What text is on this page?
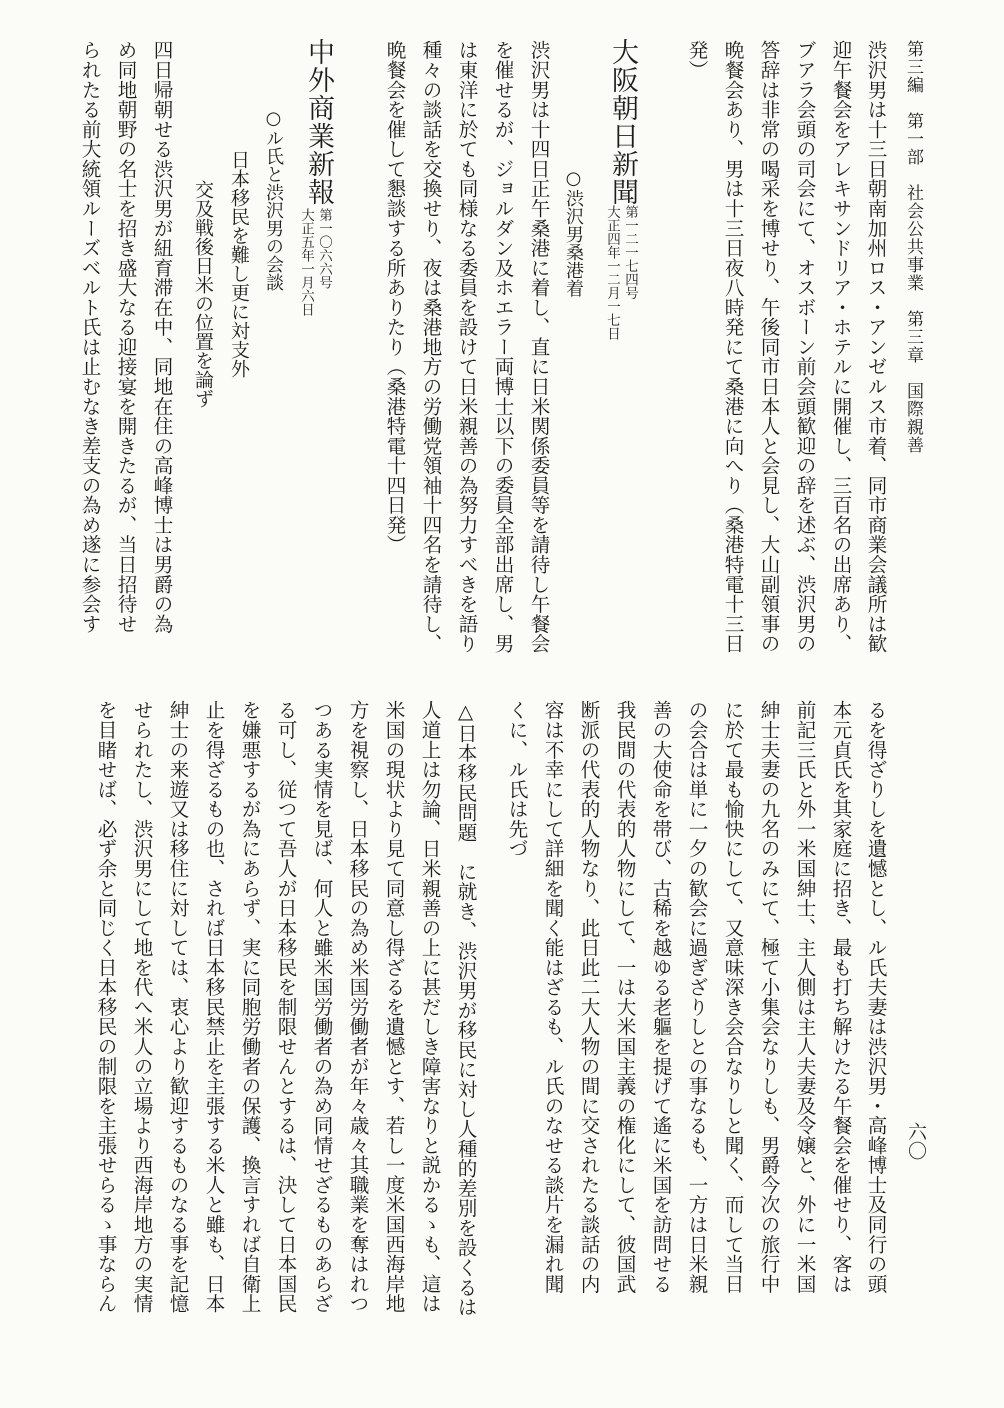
第三編　第一部　社会公共事業　第三章　国際親善
六〇
渋沢男は十三日朝南加州ロス・アンゼルス市着、同市商業会議所は歓
迎午餐会をアレキサンドリア・ホテルに開催し、三百名の出席あり、
ブアラ会頭の司会にて、オスボーン前会頭歓迎の辞を述ぶ、渋沢男の
答辞は非常の喝采を博せり、午後同市日本人と会見し、大山副領事の
晩餐会あり、男は十三日夜八時発にて桑港に向へり（桑港特電十三日
発）
大阪朝日新聞
第一二一七四号
大正四年一二月一七日
○渋沢男桑港着
渋沢男は十四日正午桑港に着し、直に日米関係委員等を請待し午餐会
を催せるが、ジョルダン及ホエラー両博士以下の委員全部出席し、男
は東洋に於ても同様なる委員を設けて日米親善の為努力すべきを語り
種々の談話を交換せり、夜は桑港地方の労働党領袖十四名を請待し、
晩餐会を催して懇談する所ありたり（桑港特電十四日発）
中外商業新報
第一〇六六号
大正五年一月六日
○ル氏と渋沢男の会談
日本移民を難し更に対支外
交及戦後日米の位置を論ず
四日帰朝せる渋沢男が紐育滞在中、同地在住の高峰博士は男爵の為
め同地朝野の名士を招き盛大なる迎接宴を開きたるが、当日招待せ
られたる前大統領ルーズベルト氏は止むなき差支の為め遂に参会す
るを得ざりしを遺憾とし、ル氏夫妻は渋沢男・高峰博士及同行の頭
本元貞氏を其家庭に招き、最も打ち解けたる午餐会を催せり、客は
前記三氏と外一米国紳士、主人側は主人夫妻及令嬢と、外に一米国
紳士夫妻の九名のみにて、極て小集会なりしも、男爵今次の旅行中
に於て最も愉快にして、又意味深き会合なりしと聞く、而して当日
の会合は単に一夕の歓会に過ぎざりしとの事なるも、一方は日米親
善の大使命を帯び、古稀を越ゆる老軀を提げて遙に米国を訪問せる
我民間の代表的人物にして、一は大米国主義の権化にして、彼国武
断派の代表的人物なり、此日此二大人物の間に交されたる談話の内
容は不幸にして詳細を聞く能はざるも、ル氏のなせる談片を漏れ聞
くに、ル氏は先づ
△日本移民問題　に就き、渋沢男が移民に対し人種的差別を設くるは
人道上は勿論、日米親善の上に甚だしき障害なりと説かるゝも、這は
米国の現状より見て同意し得ざるを遺憾とす、若し一度米国西海岸地
方を視察し、日本移民の為め米国労働者が年々歳々其職業を奪はれつ
つある実情を見ば、何人と雖米国労働者の為め同情せざるものあらざ
る可し、従つて吾人が日本移民を制限せんとするは、決して日本国民
を嫌悪するが為にあらず、実に同胞労働者の保護、換言すれば自衛上
止を得ざるもの也、されば日本移民禁止を主張する米人と雖も、日本
紳士の来遊又は移住に対しては、衷心より歓迎するものなる事を記憶
せられたし、渋沢男にして地を代へ米人の立場より西海岸地方の実情
を目睹せば、必ず余と同じく日本移民の制限を主張せらるゝ事ならん
